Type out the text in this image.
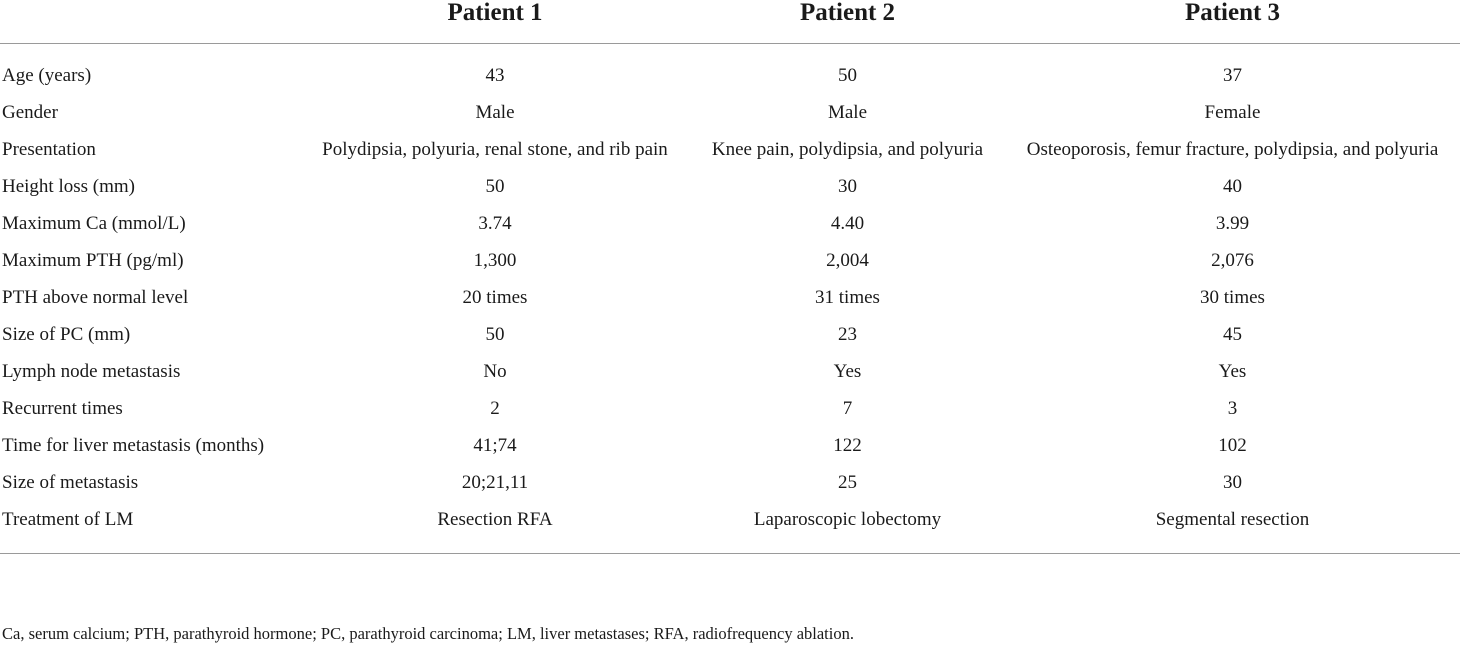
	Patient 1	Patient 2	Patient 3
Age (years)	43	50	37
Gender	Male	Male	Female
Presentation	Polydipsia, polyuria, renal stone, and rib pain	Knee pain, polydipsia, and polyuria	Osteoporosis, femur fracture, polydipsia, and polyuria
Height loss (mm)	50	30	40
Maximum Ca (mmol/L)	3.74	4.40	3.99
Maximum PTH (pg/ml)	1,300	2,004	2,076
PTH above normal level	20 times	31 times	30 times
Size of PC (mm)	50	23	45
Lymph node metastasis	No	Yes	Yes
Recurrent times	2	7	3
Time for liver metastasis (months)	41;74	122	102
Size of metastasis	20;21,11	25	30
Treatment of LM	Resection RFA	Laparoscopic lobectomy	Segmental resection
Ca, serum calcium; PTH, parathyroid hormone; PC, parathyroid carcinoma; LM, liver metastases; RFA, radiofrequency ablation.
